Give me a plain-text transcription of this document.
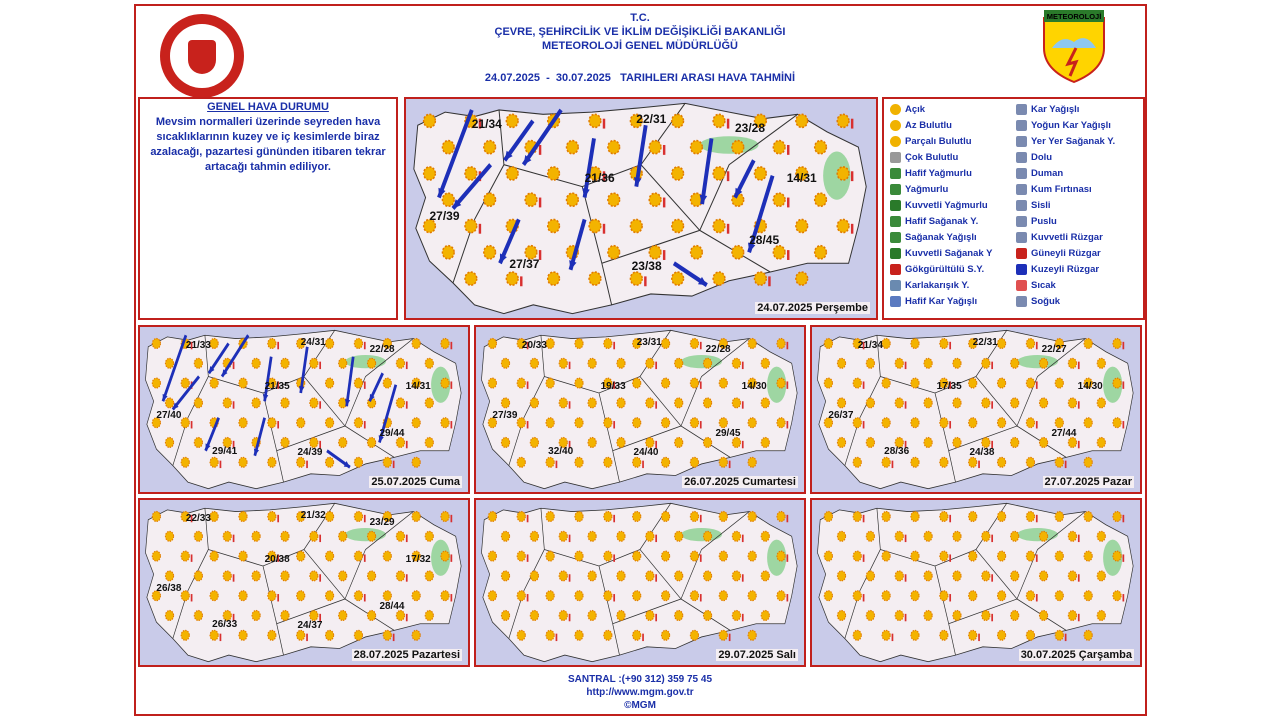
METEOROLOJİ
T.C.
ÇEVRE, ŞEHİRCİLİK VE İKLİM DEĞİŞİKLİĞİ BAKANLIĞI
METEOROLOJİ GENEL MÜDÜRLÜĞÜ
24.07.2025  -  30.07.2025   TARIHLERI ARASI HAVA TAHMİNİ
GENEL HAVA DURUMU
Mevsim normalleri üzerinde seyreden hava sıcaklıklarının kuzey ve iç kesimlerde biraz azalacağı, pazartesi gününden itibaren tekrar artacağı tahmin ediliyor.
21/34	22/31
23/28
14/31
21/36
27/39
28/45
27/37	23/38
24.07.2025 Perşembe
Açık
Az Bulutlu
Parçalı Bulutlu
Çok Bulutlu
Hafif Yağmurlu
Yağmurlu
Kuvvetli Yağmurlu
Hafif Sağanak Y.
Sağanak Yağışlı
Kuvvetli Sağanak Y
Gökgürültülü S.Y.
Karlakarışık Y.
Hafif Kar Yağışlı
Kar Yağışlı
Yoğun Kar Yağışlı
Yer Yer Sağanak Y.
Dolu
Duman
Kum Fırtınası
Sisli
Puslu
Kuvvetli Rüzgar
Güneyli Rüzgar
Kuzeyli Rüzgar
Sıcak
Soğuk
21/33	24/31
22/28
14/31
21/35
27/40
29/44
29/41	24/39
25.07.2025 Cuma
20/33	23/31
22/28
14/30
19/33
27/39
29/45
32/40	24/40
26.07.2025 Cumartesi
21/34	22/31
22/27
14/30
17/35
26/37
27/44
28/36	24/38
27.07.2025 Pazar
22/33	21/32
23/29
17/32
20/38
26/38
28/44
26/33	24/37
28.07.2025 Pazartesi	29.07.2025 Salı	30.07.2025 Çarşamba
SANTRAL :(+90 312) 359 75 45
http://www.mgm.gov.tr
©MGM
